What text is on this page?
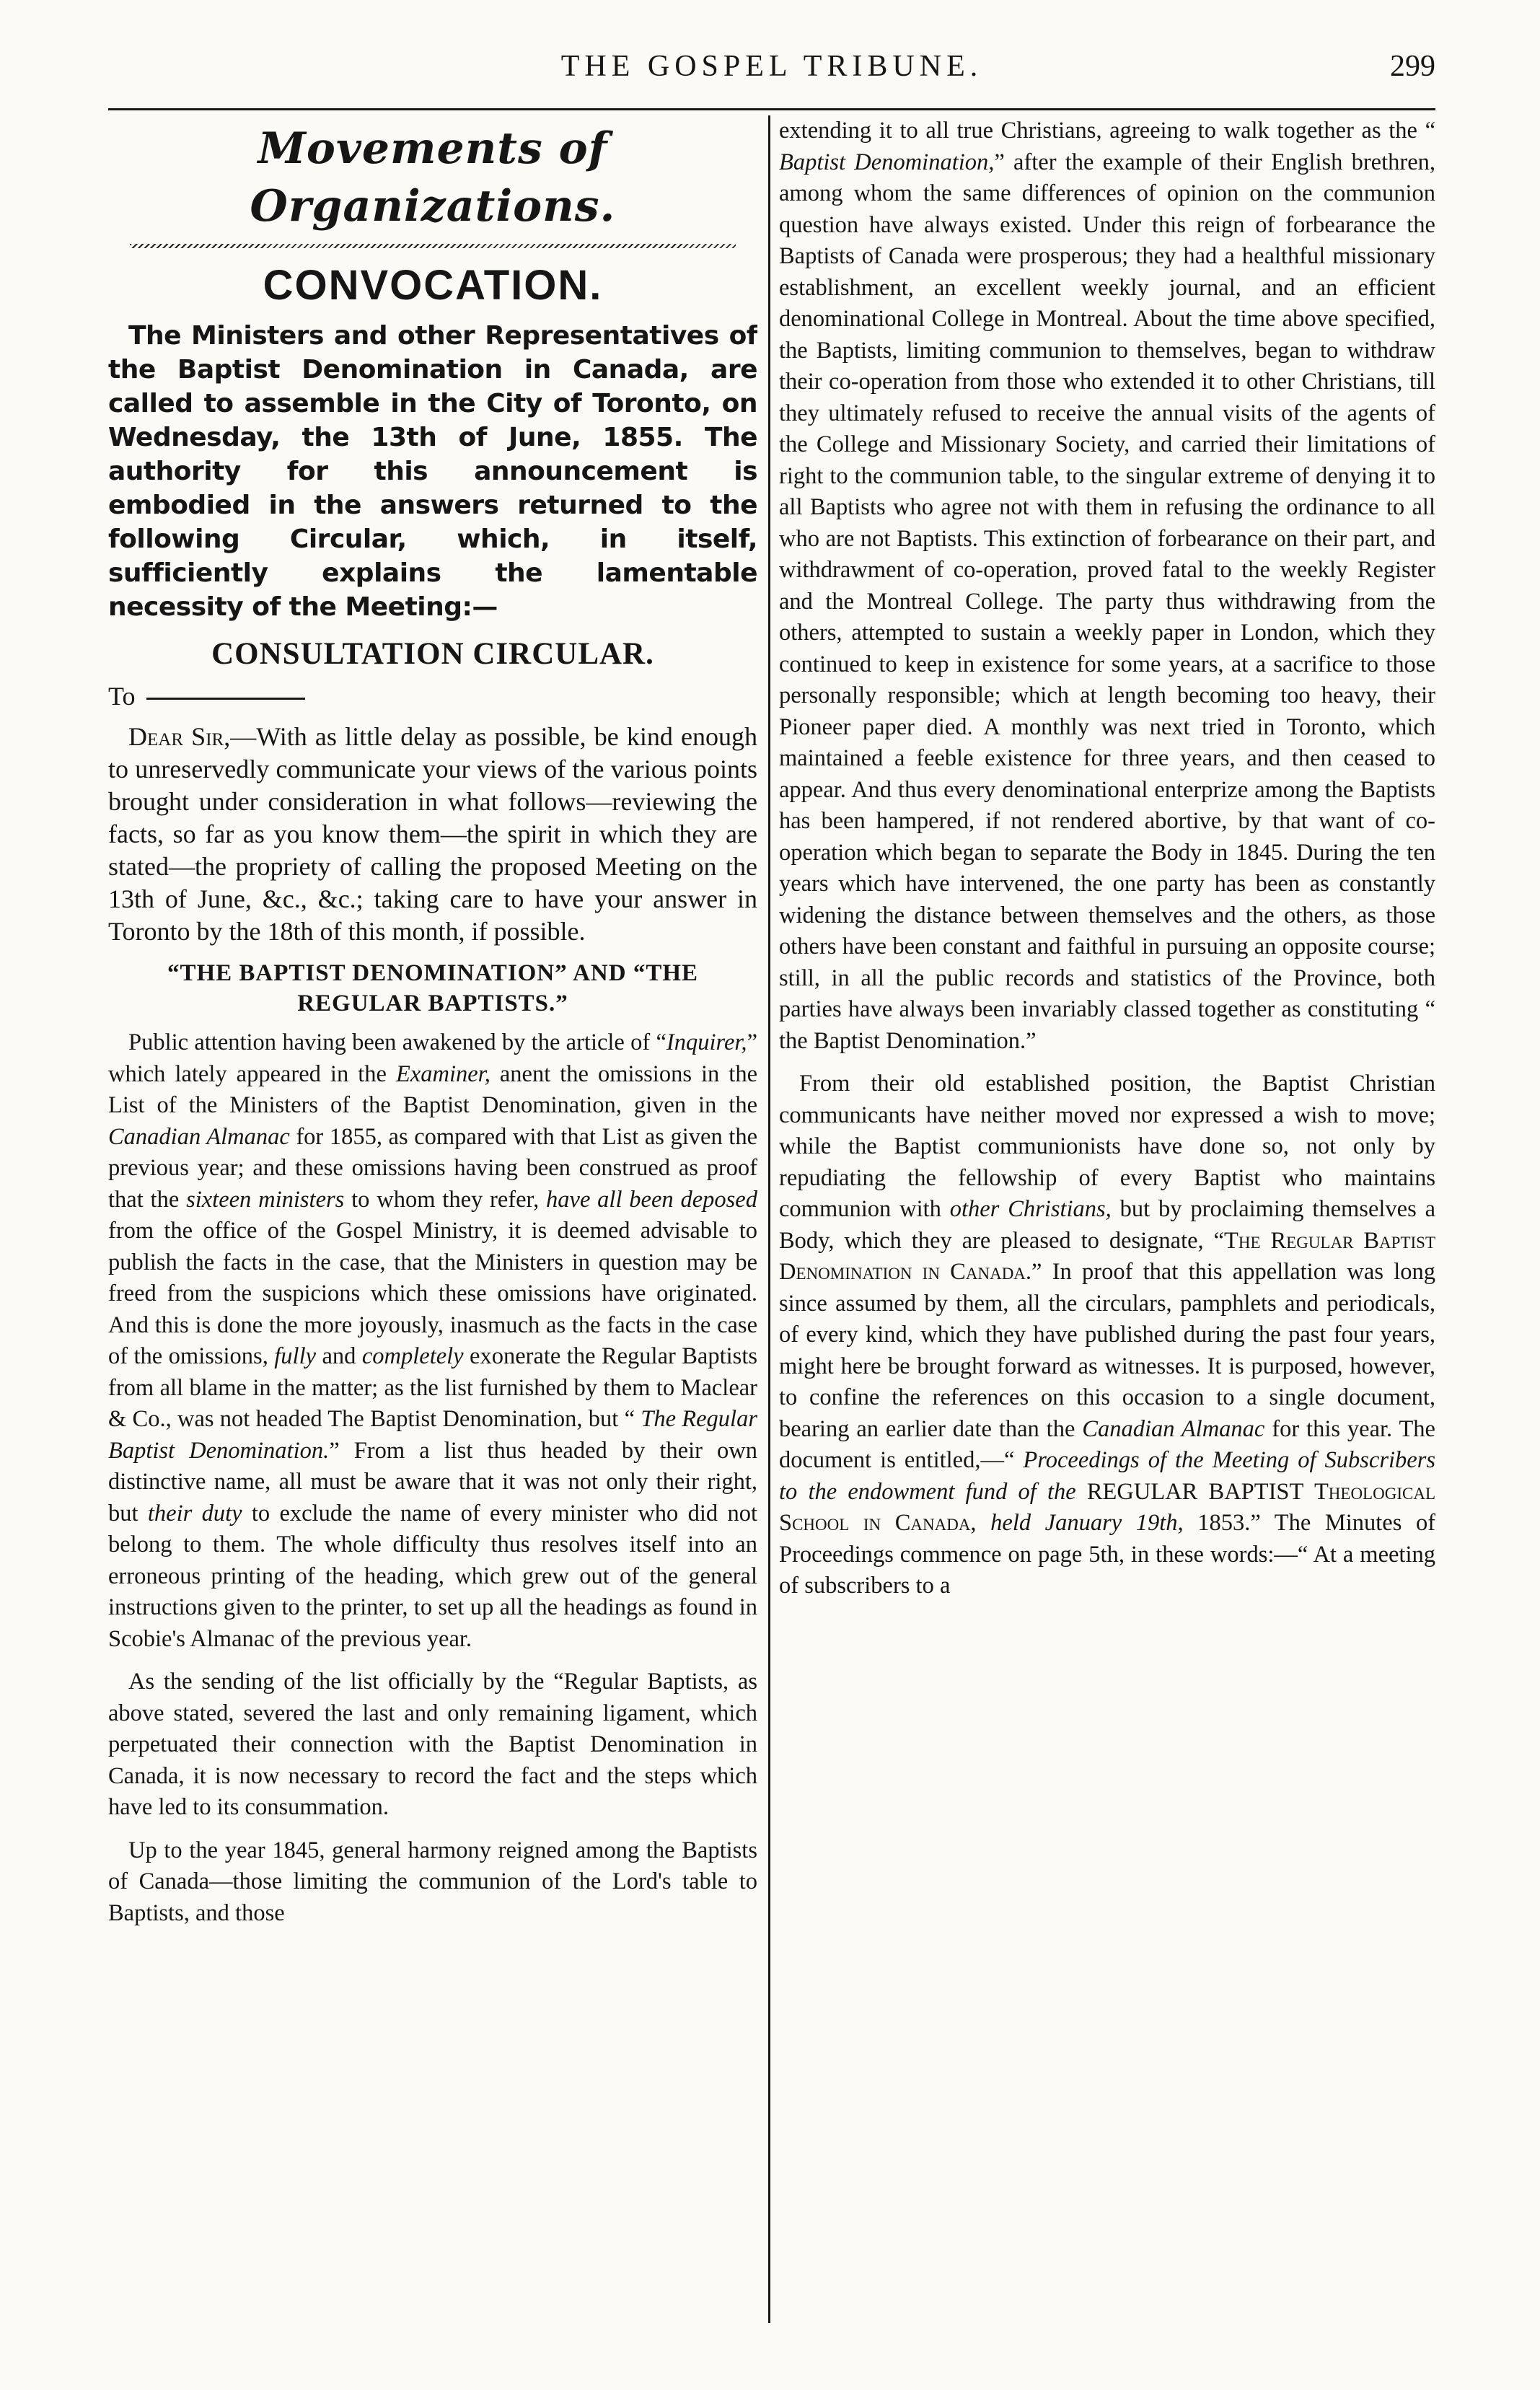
THE GOSPEL TRIBUNE.	299
Movements of Organizations.
CONVOCATION.

The Ministers and other Representatives of the Baptist Denomination in Canada, are called to assemble in the City of Toronto, on Wednesday, the 13th of June, 1855. The authority for this announcement is embodied in the answers returned to the following Circular, which, in itself, sufficiently explains the lamentable necessity of the Meeting:—

CONSULTATION CIRCULAR.
To

Dear Sir,—With as little delay as possible, be kind enough to unreservedly communicate your views of the various points brought under consideration in what follows—reviewing the facts, so far as you know them—the spirit in which they are stated—the propriety of calling the proposed Meeting on the 13th of June, &c., &c.; taking care to have your answer in Toronto by the 18th of this month, if possible.

“THE BAPTIST DENOMINATION” AND “THE REGULAR BAPTISTS.”

Public attention having been awakened by the article of “Inquirer,” which lately appeared in the Examiner, anent the omissions in the List of the Ministers of the Baptist Denomination, given in the Canadian Almanac for 1855, as compared with that List as given the previous year; and these omissions having been construed as proof that the sixteen ministers to whom they refer, have all been deposed from the office of the Gospel Ministry, it is deemed advisable to publish the facts in the case, that the Ministers in question may be freed from the suspicions which these omissions have originated. And this is done the more joyously, inasmuch as the facts in the case of the omissions, fully and completely exonerate the Regular Baptists from all blame in the matter; as the list furnished by them to Maclear & Co., was not headed The Baptist Denomination, but “ The Regular Baptist Denomination.” From a list thus headed by their own distinctive name, all must be aware that it was not only their right, but their duty to exclude the name of every minister who did not belong to them. The whole difficulty thus resolves itself into an erroneous printing of the heading, which grew out of the general instructions given to the printer, to set up all the headings as found in Scobie's Almanac of the previous year.

As the sending of the list officially by the “Regular Baptists, as above stated, severed the last and only remaining ligament, which perpetuated their connection with the Baptist Denomination in Canada, it is now necessary to record the fact and the steps which have led to its consummation.

Up to the year 1845, general harmony reigned among the Baptists of Canada—those limiting the communion of the Lord's table to Baptists, and those

extending it to all true Christians, agreeing to walk together as the “ Baptist Denomination,” after the example of their English brethren, among whom the same differences of opinion on the communion question have always existed. Under this reign of forbearance the Baptists of Canada were prosperous; they had a healthful missionary establishment, an excellent weekly journal, and an efficient denominational College in Montreal. About the time above specified, the Baptists, limiting communion to themselves, began to withdraw their co-operation from those who extended it to other Christians, till they ultimately refused to receive the annual visits of the agents of the College and Missionary Society, and carried their limitations of right to the communion table, to the singular extreme of denying it to all Baptists who agree not with them in refusing the ordinance to all who are not Baptists. This extinction of forbearance on their part, and withdrawment of co-operation, proved fatal to the weekly Register and the Montreal College. The party thus withdrawing from the others, attempted to sustain a weekly paper in London, which they continued to keep in existence for some years, at a sacrifice to those personally responsible; which at length becoming too heavy, their Pioneer paper died. A monthly was next tried in Toronto, which maintained a feeble existence for three years, and then ceased to appear. And thus every denominational enterprize among the Baptists has been hampered, if not rendered abortive, by that want of co-operation which began to separate the Body in 1845. During the ten years which have intervened, the one party has been as constantly widening the distance between themselves and the others, as those others have been constant and faithful in pursuing an opposite course; still, in all the public records and statistics of the Province, both parties have always been invariably classed together as constituting “ the Baptist Denomination.”

From their old established position, the Baptist Christian communicants have neither moved nor expressed a wish to move; while the Baptist communionists have done so, not only by repudiating the fellowship of every Baptist who maintains communion with other Christians, but by proclaiming themselves a Body, which they are pleased to designate, “The Regular Baptist Denomination in Canada.” In proof that this appellation was long since assumed by them, all the circulars, pamphlets and periodicals, of every kind, which they have published during the past four years, might here be brought forward as witnesses. It is purposed, however, to confine the references on this occasion to a single document, bearing an earlier date than the Canadian Almanac for this year. The document is entitled,—“ Proceedings of the Meeting of Subscribers to the endowment fund of the REGULAR BAPTIST Theological School in Canada, held January 19th, 1853.” The Minutes of Proceedings commence on page 5th, in these words:—“ At a meeting of subscribers to a
